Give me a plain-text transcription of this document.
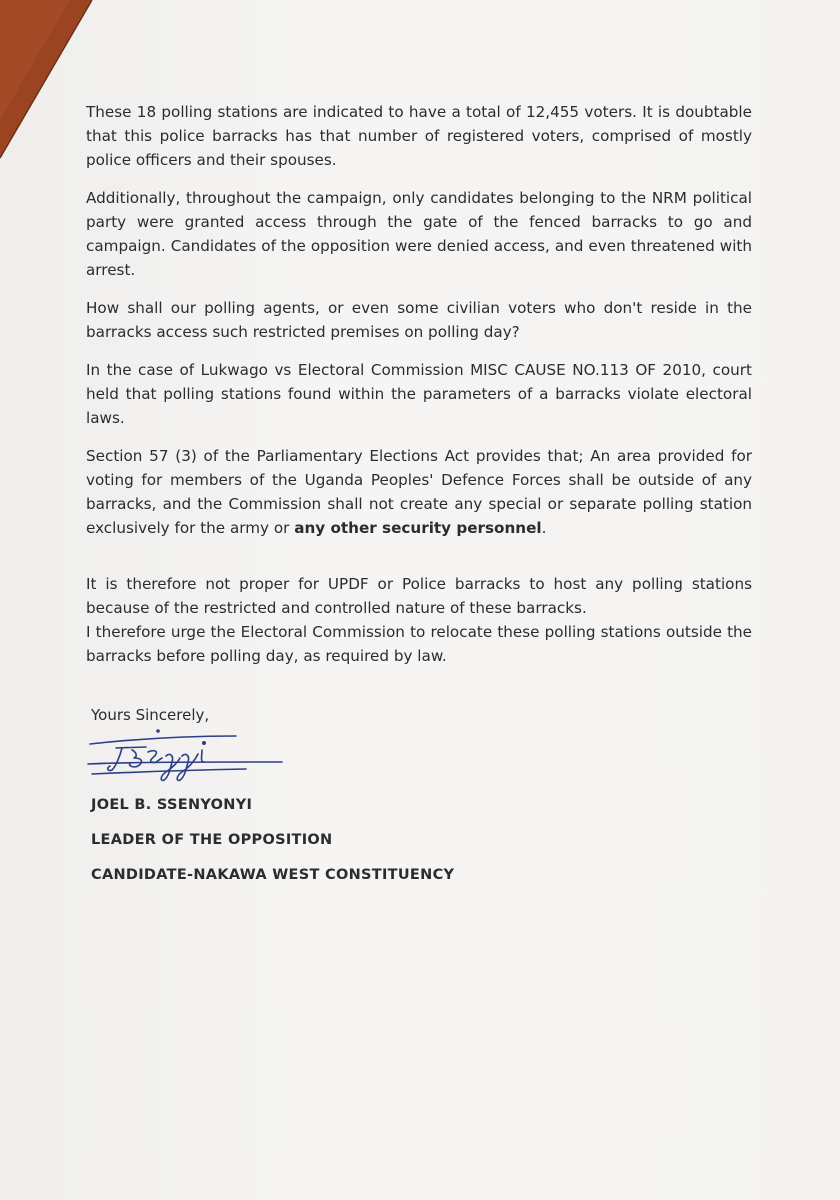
These 18 polling stations are indicated to have a total of 12,455 voters. It is doubtable that this police barracks has that number of registered voters, comprised of mostly police officers and their spouses.

Additionally, throughout the campaign, only candidates belonging to the NRM political party were granted access through the gate of the fenced barracks to go and campaign. Candidates of the opposition were denied access, and even threatened with arrest.

How shall our polling agents, or even some civilian voters who don't reside in the barracks access such restricted premises on polling day?

In the case of Lukwago vs Electoral Commission MISC CAUSE NO.113 OF 2010, court held that polling stations found within the parameters of a barracks violate electoral laws.

Section 57 (3) of the Parliamentary Elections Act provides that; An area provided for voting for members of the Uganda Peoples' Defence Forces shall be outside of any barracks, and the Commission shall not create any special or separate polling station exclusively for the army or any other security personnel.

It is therefore not proper for UPDF or Police barracks to host any polling stations because of the restricted and controlled nature of these barracks.

I therefore urge the Electoral Commission to relocate these polling stations outside the barracks before polling day, as required by law.

Yours Sincerely,
JOEL B. SSENYONYI
LEADER OF THE OPPOSITION
CANDIDATE-NAKAWA WEST CONSTITUENCY
